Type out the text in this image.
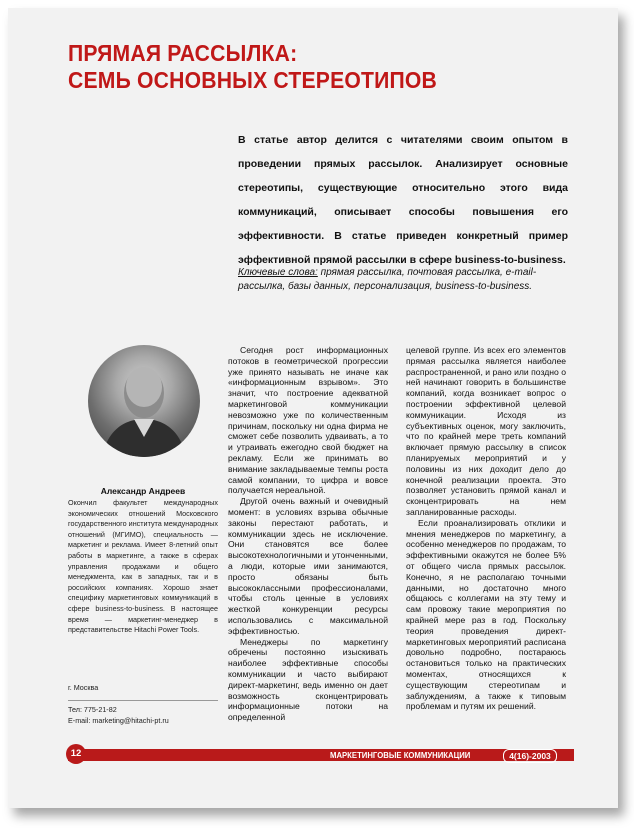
ПРЯМАЯ РАССЫЛКА:
СЕМЬ ОСНОВНЫХ СТЕРЕОТИПОВ
В статье автор делится с читателями своим опытом в проведении прямых рассылок. Анализирует основные стереотипы, существующие относительно этого вида коммуникаций, описывает способы повышения его эффективности. В статье приведен конкретный пример эффективной прямой рассылки в сфере business-to-business.
Ключевые слова: прямая рассылка, почтовая рассылка, e-mail-рассылка, базы данных, персонализация, business-to-business.
Александр Андреев
Окончил факультет международных экономических отношений Московского государственного института международных отношений (МГИМО), специальность — маркетинг и реклама. Имеет 8-летний опыт работы в маркетинге, а также в сферах управления продажами и общего менеджмента, как в западных, так и в российских компаниях. Хорошо знает специфику маркетинговых коммуникаций в сфере business-to-business. В настоящее время — маркетинг-менеджер в представительстве Hitachi Power Tools.
г. Москва
Тел: 775-21-82
E-mail: marketing@hitachi-pt.ru

Сегодня рост информационных потоков в геометрической прогрессии уже принято называть не иначе как «информационным взрывом». Это значит, что построение адекватной маркетинговой коммуникации невозможно уже по количественным причинам, поскольку ни одна фирма не сможет себе позволить удваивать, а то и утраивать ежегодно свой бюджет на рекламу. Если же принимать во внимание закладываемые темпы роста самой компании, то цифра и вовсе получается нереальной.

Другой очень важный и очевидный момент: в условиях взрыва обычные законы перестают работать, и коммуникации здесь не исключение. Они становятся все более высокотехнологичными и утонченными, а люди, которые ими занимаются, просто обязаны быть высококлассными профессионалами, чтобы столь ценные в условиях жесткой конкуренции ресурсы использовались с максимальной эффективностью.

Менеджеры по маркетингу обречены постоянно изыскивать наиболее эффективные способы коммуникации и часто выбирают директ-маркетинг, ведь именно он дает возможность сконцентрировать информационные потоки на определенной

целевой группе. Из всех его элементов прямая рассылка является наиболее распространенной, и рано или поздно о ней начинают говорить в большинстве компаний, когда возникает вопрос о построении эффективной целевой коммуникации. Исходя из субъективных оценок, могу заключить, что по крайней мере треть компаний включает прямую рассылку в список планируемых мероприятий и у половины из них доходит дело до конечной реализации проекта. Это позволяет установить прямой канал и сконцентрировать на нем запланированные расходы.

Если проанализировать отклики и мнения менеджеров по маркетингу, а особенно менеджеров по продажам, то эффективными окажутся не более 5% от общего числа прямых рассылок. Конечно, я не располагаю точными данными, но достаточно много общаюсь с коллегами на эту тему и сам провожу такие мероприятия по крайней мере раз в год. Поскольку теория проведения директ-маркетинговых мероприятий расписана довольно подробно, постараюсь остановиться только на практических моментах, относящихся к существующим стереотипам и заблуждениям, а также к типовым проблемам и путям их решений.

12	МАРКЕТИНГОВЫЕ КОММУНИКАЦИИ	4(16)-2003
